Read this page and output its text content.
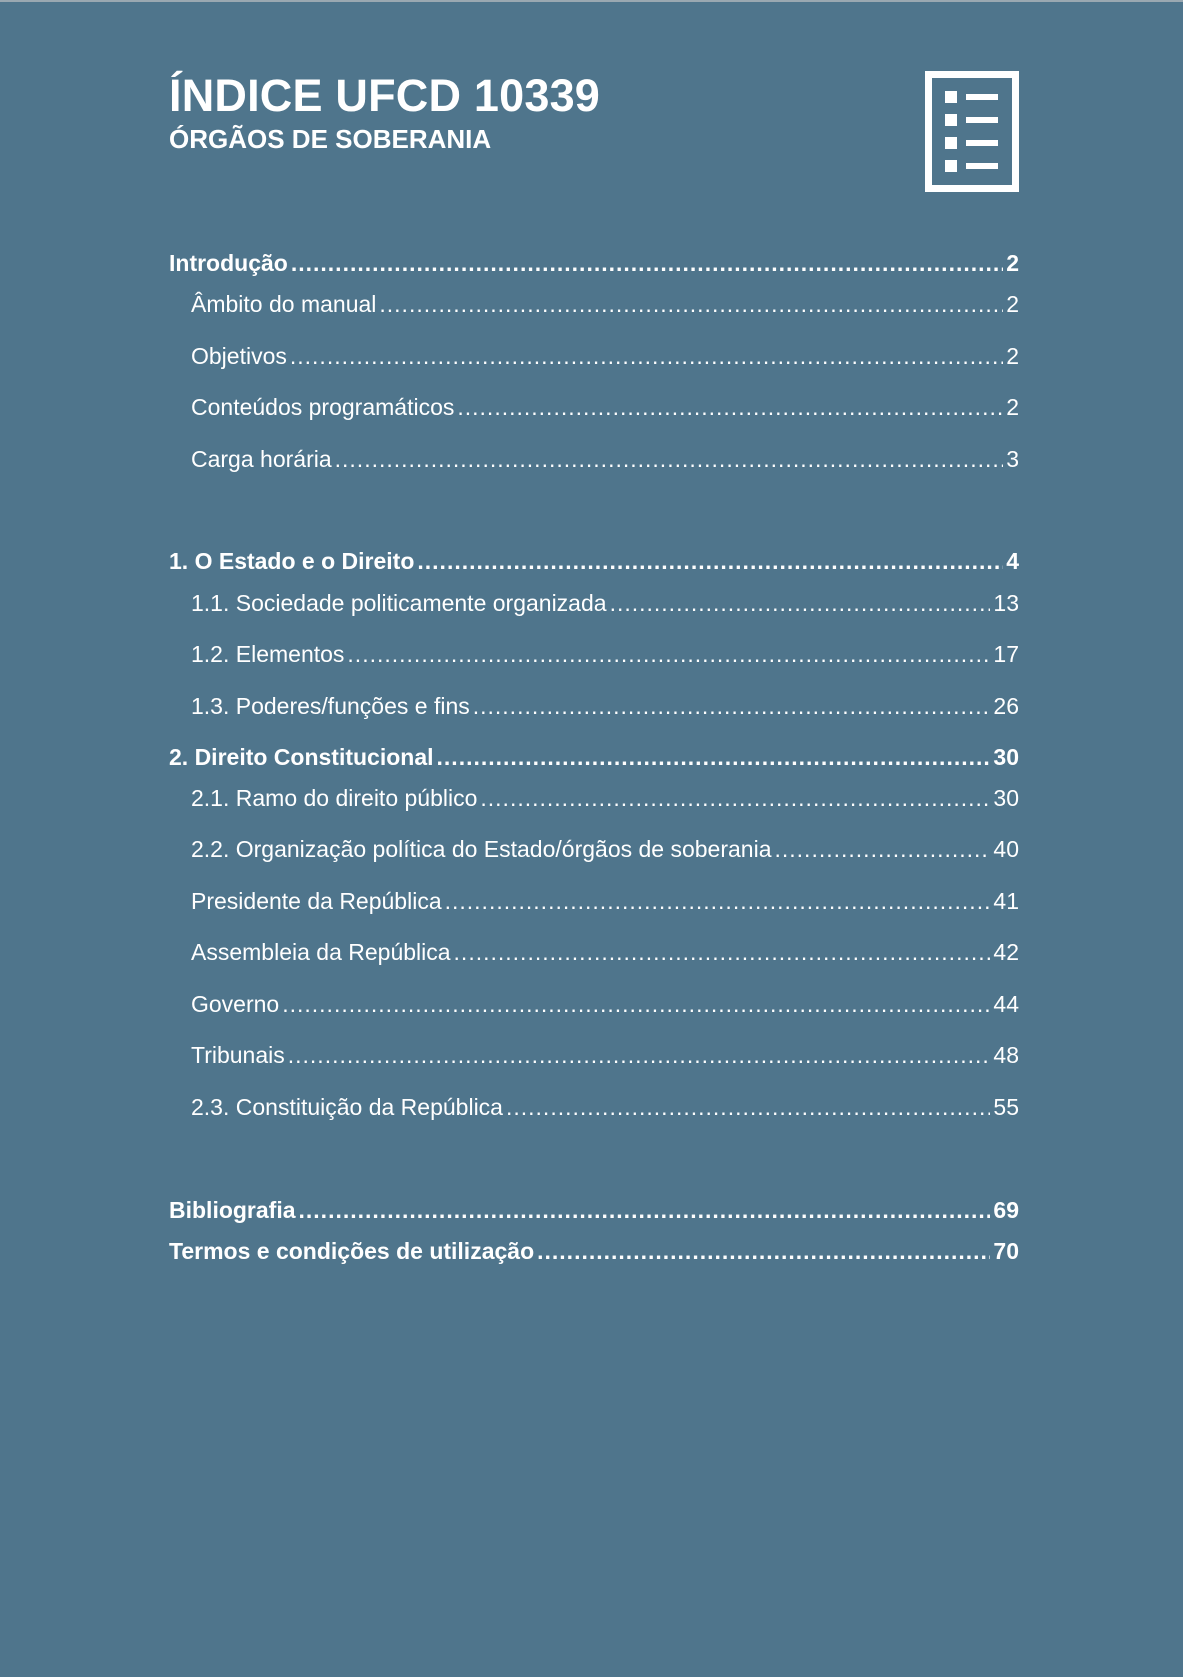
ÍNDICE UFCD 10339
ÓRGÃOS DE SOBERANIA
Introdução .....	2
Âmbito do manual .....	2
Objetivos .....	2
Conteúdos programáticos .....	2
Carga horária .....	3
1. O Estado e o Direito .....	4
1.1. Sociedade politicamente organizada .....	13
1.2. Elementos .....	17
1.3. Poderes/funções e fins .....	26
2. Direito Constitucional .....	30
2.1. Ramo do direito público .....	30
2.2. Organização política do Estado/órgãos de soberania .....	40
Presidente da República .....	41
Assembleia da República .....	42
Governo .....	44
Tribunais .....	48
2.3. Constituição da República .....	55
Bibliografia .....	69
Termos e condições de utilização .....	70
